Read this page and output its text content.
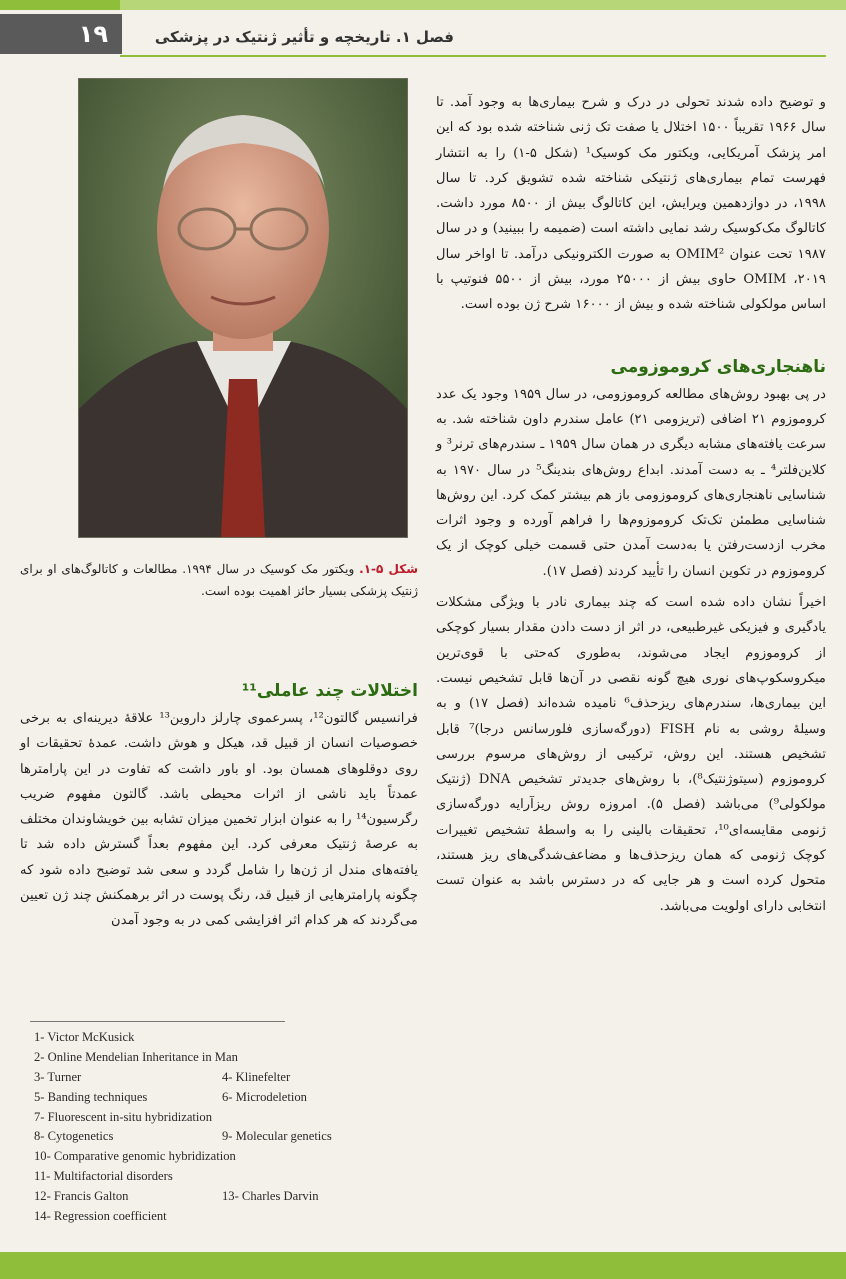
۱۹	فصل ۱. تاریخچه و تأثیر ژنتیک در پزشکی

و توضیح داده شدند تحولی در درک و شرح بیماری‌ها به وجود آمد. تا سال ۱۹۶۶ تقریباً ۱۵۰۰ اختلال یا صفت تک ژنی شناخته شده بود که این امر پزشک آمریکایی، ویکتور مک کوسیک¹ (شکل ۵-۱) را به انتشار فهرست تمام بیماری‌های ژنتیکی شناخته شده تشویق کرد. تا سال ۱۹۹۸، در دوازدهمین ویرایش، این کاتالوگ بیش از ۸۵۰۰ مورد داشت. کاتالوگ مک‌کوسیک رشد نمایی داشته است (ضمیمه را ببینید) و در سال ۱۹۸۷ تحت عنوان OMIM² به صورت الکترونیکی درآمد. تا اواخر سال ۲۰۱۹، OMIM حاوی بیش از ۲۵۰۰۰ مورد، بیش از ۵۵۰۰ فنوتیپ با اساس مولکولی شناخته شده و بیش از ۱۶۰۰۰ شرح ژن بوده است.

ناهنجاری‌های کروموزومی

در پی بهبود روش‌های مطالعه کروموزومی، در سال ۱۹۵۹ وجود یک عدد کروموزوم ۲۱ اضافی (تریزومی ۲۱) عامل سندرم داون شناخته شد. به سرعت یافته‌های مشابه دیگری در همان سال ۱۹۵۹ ـ سندرم‌های ترنر³ و کلاین‌فلتر⁴ ـ به دست آمدند. ابداع روش‌های بندینگ⁵ در سال ۱۹۷۰ به شناسایی ناهنجاری‌های کروموزومی باز هم بیشتر کمک کرد. این روش‌ها شناسایی مطمئن تک‌تک کروموزوم‌ها را فراهم آورده و وجود اثرات مخرب ازدست‌رفتن یا به‌دست آمدن حتی قسمت خیلی کوچک از یک کروموزوم در تکوین انسان را تأیید کردند (فصل ۱۷).

اخیراً نشان داده شده است که چند بیماری نادر با ویژگی مشکلات یادگیری و فیزیکی غیرطبیعی، در اثر از دست دادن مقدار بسیار کوچکی از کروموزوم ایجاد می‌شوند، به‌طوری که‌حتی با قوی‌ترین میکروسکوپ‌های نوری هیچ گونه نقصی در آن‌ها قابل تشخیص نیست. این بیماری‌ها، سندرم‌های ریزحذف⁶ نامیده شده‌اند (فصل ۱۷) و به وسیلهٔ روشی به نام FISH (دورگه‌سازی فلورسانس درجا)⁷ قابل تشخیص هستند. این روش، ترکیبی از روش‌های مرسوم بررسی کروموزوم (سیتوژنتیک⁸)، با روش‌های جدیدتر تشخیص DNA (ژنتیک مولکولی⁹) می‌باشد (فصل ۵). امروزه روش ریزآرایه دورگه‌سازی ژنومی مقایسه‌ای¹⁰، تحقیقات بالینی را به واسطهٔ تشخیص تغییرات کوچک ژنومی که همان ریزحذف‌ها و مضاعف‌شدگی‌های ریز هستند، متحول کرده است و هر جایی که در دسترس باشد به عنوان تست انتخابی دارای اولویت می‌باشد.

شکل ۵-۱. ویکتور مک کوسیک در سال ۱۹۹۴. مطالعات و کاتالوگ‌های او برای ژنتیک پزشکی بسیار حائز اهمیت بوده است.
اختلالات چند عاملی¹¹

فرانسیس گالتون¹²، پسرعموی چارلز داروین¹³ علاقهٔ دیرینه‌ای به برخی خصوصیات انسان از قبیل قد، هیکل و هوش داشت. عمدهٔ تحقیقات او روی دوقلوهای همسان بود. او باور داشت که تفاوت در این پارامترها عمدتاً باید ناشی از اثرات محیطی باشد. گالتون مفهوم ضریب رگرسیون¹⁴ را به عنوان ابزار تخمین میزان تشابه بین خویشاوندان مختلف به عرصهٔ ژنتیک معرفی کرد. این مفهوم بعداً گسترش داده شد تا یافته‌های مندل از ژن‌ها را شامل گردد و سعی شد توضیح داده شود که چگونه پارامترهایی از قبیل قد، رنگ پوست در اثر برهمکنش چند ژن تعیین می‌گردند که هر کدام اثر افزایشی کمی در به وجود آمدن

1- Victor McKusick
2- Online Mendelian Inheritance in Man
3- Turner	4- Klinefelter
5- Banding techniques	6- Microdeletion
7- Fluorescent in-situ hybridization
8- Cytogenetics	9- Molecular genetics
10- Comparative genomic hybridization
11- Multifactorial disorders
12- Francis Galton	13- Charles Darvin
14- Regression coefficient
